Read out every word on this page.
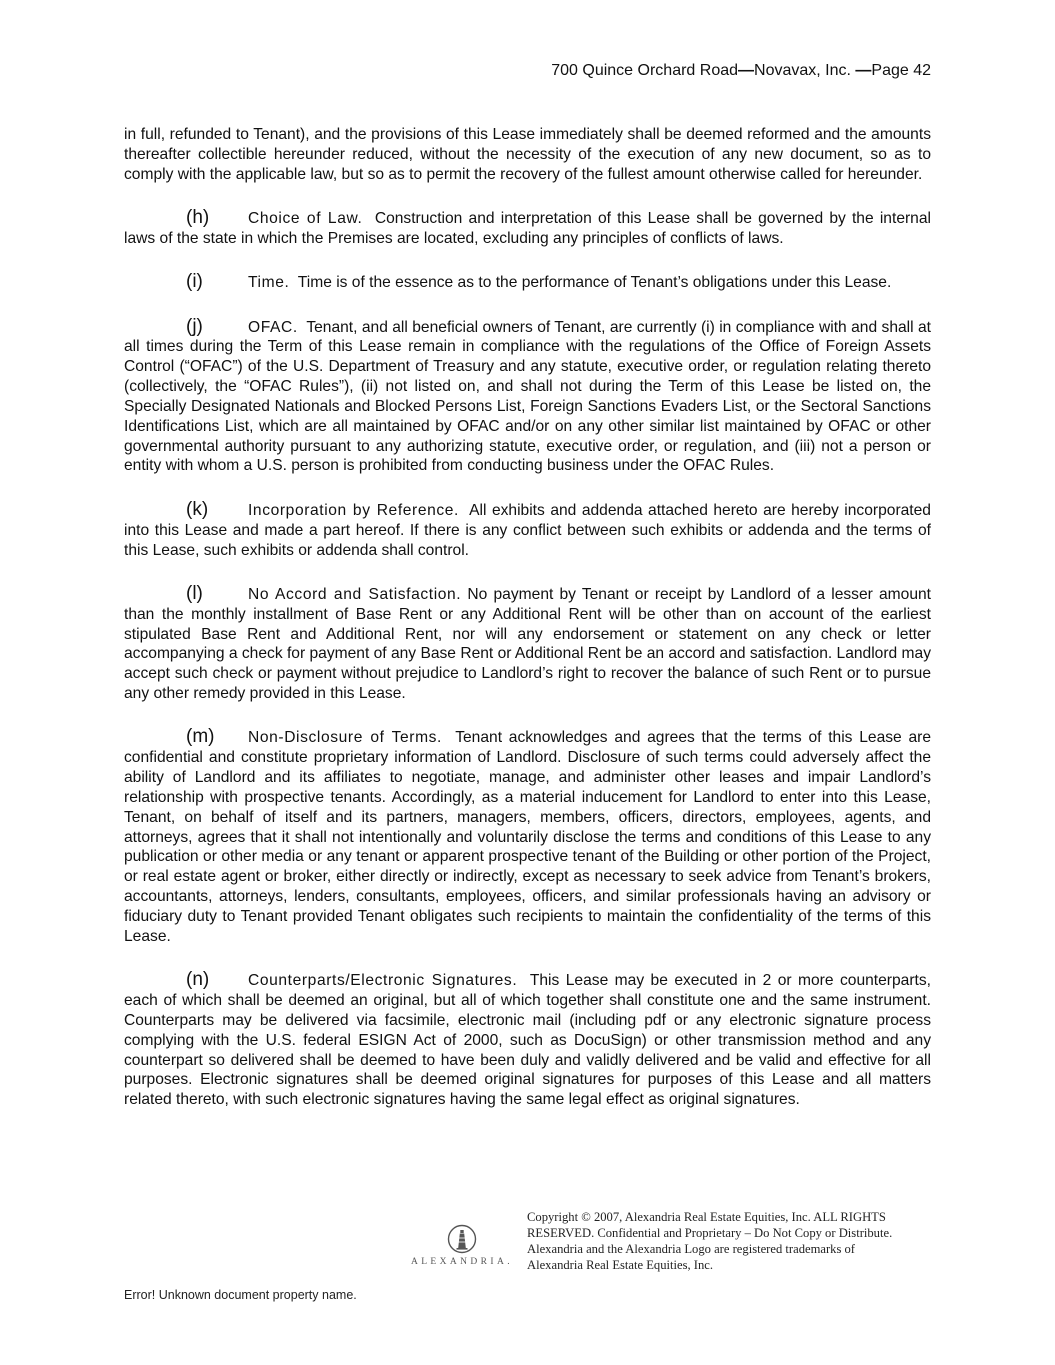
700 Quince Orchard Road—Novavax, Inc. —Page 42

in full, refunded to Tenant), and the provisions of this Lease immediately shall be deemed reformed and the amounts thereafter collectible hereunder reduced, without the necessity of the execution of any new document, so as to comply with the applicable law, but so as to permit the recovery of the fullest amount otherwise called for hereunder.

(h) Choice of Law. Construction and interpretation of this Lease shall be governed by the internal laws of the state in which the Premises are located, excluding any principles of conflicts of laws.

(i)	Time. Time is of the essence as to the performance of Tenant’s obligations under this Lease.

(j)	OFAC. Tenant, and all beneficial owners of Tenant, are currently (i) in compliance with and shall at all times during the Term of this Lease remain in compliance with the regulations of the Office of Foreign Assets Control (“OFAC”) of the U.S. Department of Treasury and any statute, executive order, or regulation relating thereto (collectively, the “OFAC Rules”), (ii) not listed on, and shall not during the Term of this Lease be listed on, the Specially Designated Nationals and Blocked Persons List, Foreign Sanctions Evaders List, or the Sectoral Sanctions Identifications List, which are all maintained by OFAC and/or on any other similar list maintained by OFAC or other governmental authority pursuant to any authorizing statute, executive order, or regulation, and (iii) not a person or entity with whom a U.S. person is prohibited from conducting business under the OFAC Rules.

(k)	Incorporation by Reference. All exhibits and addenda attached hereto are hereby incorporated into this Lease and made a part hereof. If there is any conflict between such exhibits or addenda and the terms of this Lease, such exhibits or addenda shall control.

(l)	No Accord and Satisfaction. No payment by Tenant or receipt by Landlord of a lesser amount than the monthly installment of Base Rent or any Additional Rent will be other than on account of the earliest stipulated Base Rent and Additional Rent, nor will any endorsement or statement on any check or letter accompanying a check for payment of any Base Rent or Additional Rent be an accord and satisfaction. Landlord may accept such check or payment without prejudice to Landlord’s right to recover the balance of such Rent or to pursue any other remedy provided in this Lease.

(m) Non-Disclosure of Terms. Tenant acknowledges and agrees that the terms of this Lease are confidential and constitute proprietary information of Landlord. Disclosure of such terms could adversely affect the ability of Landlord and its affiliates to negotiate, manage, and administer other leases and impair Landlord’s relationship with prospective tenants. Accordingly, as a material inducement for Landlord to enter into this Lease, Tenant, on behalf of itself and its partners, managers, members, officers, directors, employees, agents, and attorneys, agrees that it shall not intentionally and voluntarily disclose the terms and conditions of this Lease to any publication or other media or any tenant or apparent prospective tenant of the Building or other portion of the Project, or real estate agent or broker, either directly or indirectly, except as necessary to seek advice from Tenant’s brokers, accountants, attorneys, lenders, consultants, employees, officers, and similar professionals having an advisory or fiduciary duty to Tenant provided Tenant obligates such recipients to maintain the confidentiality of the terms of this Lease.

(n) Counterparts/Electronic Signatures. This Lease may be executed in 2 or more counterparts, each of which shall be deemed an original, but all of which together shall constitute one and the same instrument. Counterparts may be delivered via facsimile, electronic mail (including pdf or any electronic signature process complying with the U.S. federal ESIGN Act of 2000, such as DocuSign) or other transmission method and any counterpart so delivered shall be deemed to have been duly and validly delivered and be valid and effective for all purposes. Electronic signatures shall be deemed original signatures for purposes of this Lease and all matters related thereto, with such electronic signatures having the same legal effect as original signatures.

ALEXANDRIA.
Copyright © 2007, Alexandria Real Estate Equities, Inc. ALL RIGHTS RESERVED. Confidential and Proprietary – Do Not Copy or Distribute. Alexandria and the Alexandria Logo are registered trademarks of Alexandria Real Estate Equities, Inc.
Error! Unknown document property name.
